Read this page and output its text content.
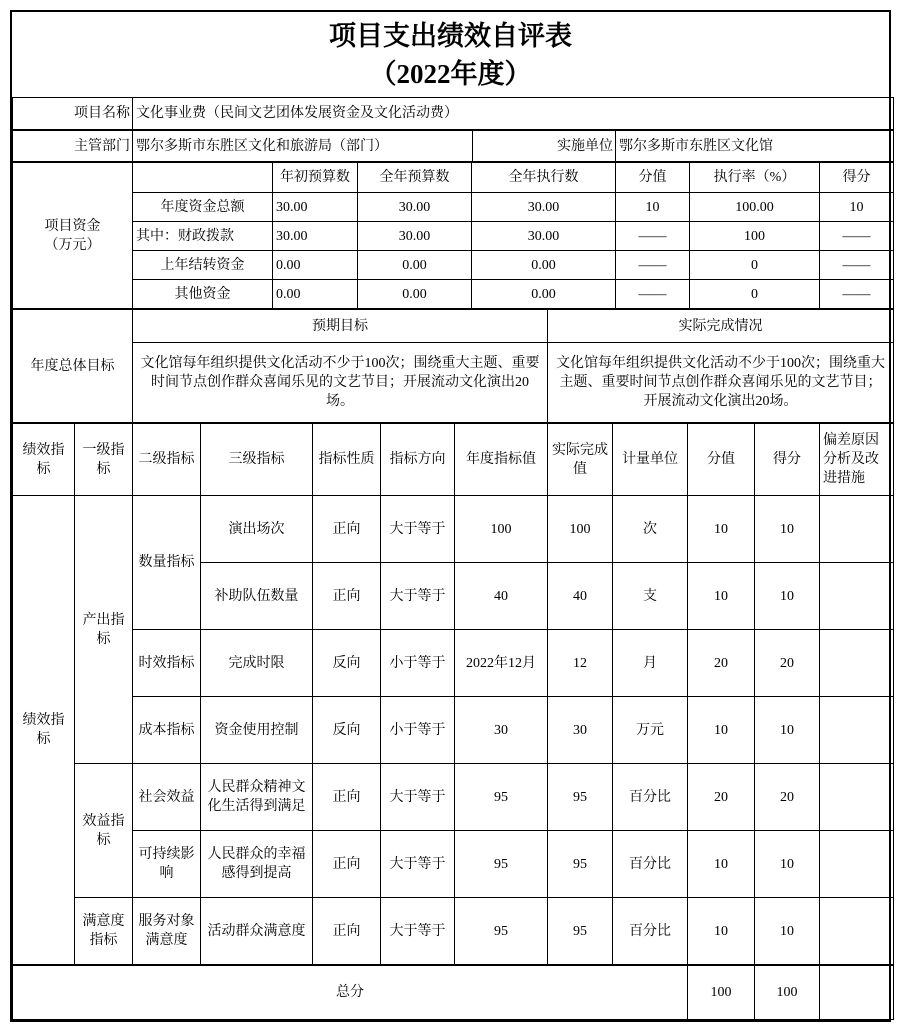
项目支出绩效自评表
（2022年度）
项目名称	文化事业费（民间文艺团体发展资金及文化活动费）
主管部门	鄂尔多斯市东胜区文化和旅游局（部门）	实施单位	鄂尔多斯市东胜区文化馆
项目资金
（万元）		年初预算数	全年预算数	全年执行数	分值	执行率（%）	得分
	年度资金总额	30.00	30.00	30.00	10	100.00	10
	其中：财政拨款	30.00	30.00	30.00	——	100	——
	上年结转资金	0.00	0.00	0.00	——	0	——
	其他资金	0.00	0.00	0.00	——	0	——
年度总体目标	预期目标	实际完成情况
	文化馆每年组织提供文化活动不少于100次；围绕重大主题、重要时间节点创作群众喜闻乐见的文艺节目；开展流动文化演出20场。	文化馆每年组织提供文化活动不少于100次；围绕重大主题、重要时间节点创作群众喜闻乐见的文艺节目；开展流动文化演出20场。
绩效指标	一级指标	二级指标	三级指标	指标性质	指标方向	年度指标值	实际完成值	计量单位	分值	得分	偏差原因分析及改进措施
绩效指标	产出指标	数量指标	演出场次	正向	大于等于	100	100	次	10	10	
			补助队伍数量	正向	大于等于	40	40	支	10	10	
		时效指标	完成时限	反向	小于等于	2022年12月	12	月	20	20	
		成本指标	资金使用控制	反向	小于等于	30	30	万元	10	10	
	效益指标	社会效益	人民群众精神文化生活得到满足	正向	大于等于	95	95	百分比	20	20	
		可持续影响	人民群众的幸福感得到提高	正向	大于等于	95	95	百分比	10	10	
	满意度指标	服务对象满意度	活动群众满意度	正向	大于等于	95	95	百分比	10	10	
总分	100	100	
